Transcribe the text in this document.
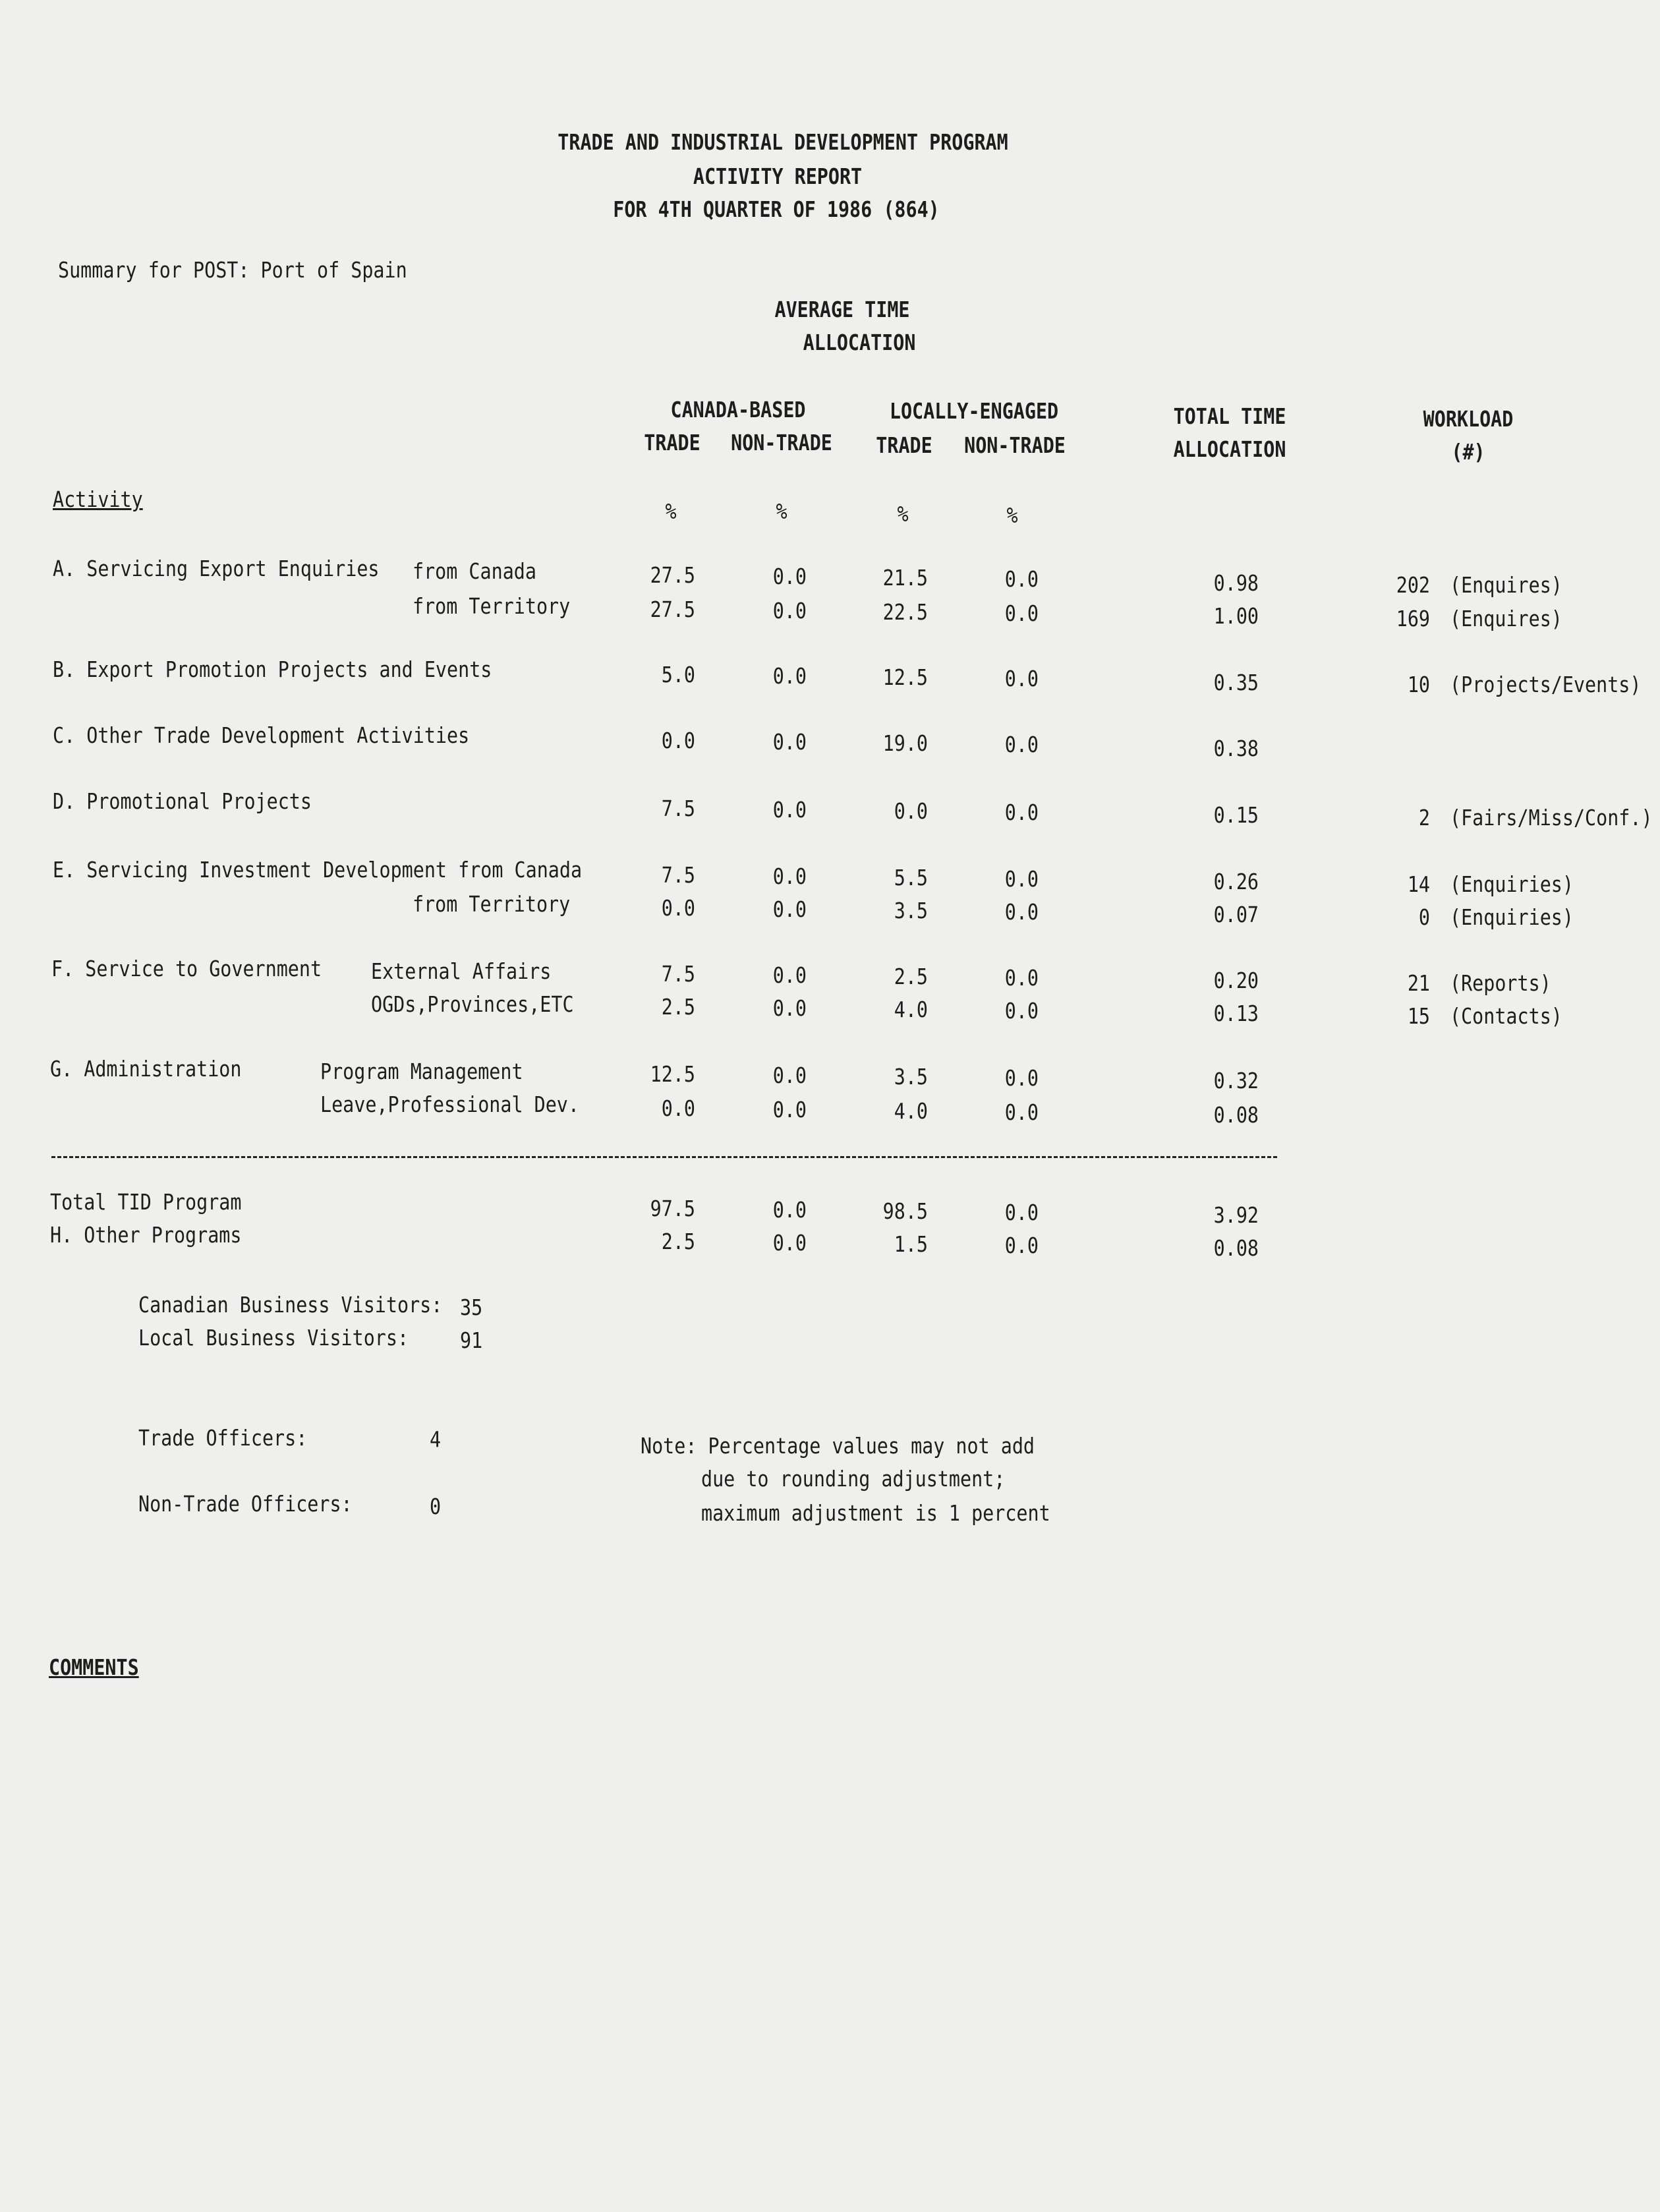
TRADE AND INDUSTRIAL DEVELOPMENT PROGRAM
ACTIVITY REPORT
FOR 4TH QUARTER OF 1986 (864)
Summary for POST: Port of Spain
AVERAGE TIME
ALLOCATION
CANADA-BASED	LOCALLY-ENGAGED
TRADE NON-TRADE TRADE NON-TRADE
TOTAL TIME
ALLOCATION
WORKLOAD
(#)
Activity	%	%	%	%
A. Servicing Export Enquiries from Canada	27.5	0.0	21.5	0.0	0.98	202 (Enquires)
from Territory	27.5	0.0	22.5	0.0	1.00	169 (Enquires)
B. Export Promotion Projects and Events	5.0	0.0	12.5	0.0	0.35	10 (Projects/Events)
C. Other Trade Development Activities	0.0	0.0	19.0	0.0	0.38
D. Promotional Projects	7.5	0.0	0.0	0.0	0.15	2 (Fairs/Miss/Conf.)
E. Servicing Investment Development from Canada	7.5	0.0	5.5	0.0	0.26	14 (Enquiries)
from Territory	0.0	0.0	3.5	0.0	0.07	0 (Enquiries)
F. Service to Government External Affairs	7.5	0.0	2.5	0.0	0.20	21 (Reports)
OGDs,Provinces,ETC	2.5	0.0	4.0	0.0	0.13	15 (Contacts)
G. Administration	Program Management	12.5	0.0	3.5	0.0	0.32
Leave,Professional Dev.	0.0	0.0	4.0	0.0	0.08
Total TID Program	97.5	0.0	98.5	0.0	3.92
H. Other Programs	2.5	0.0	1.5	0.0	0.08
Canadian Business Visitors: 35
Local Business Visitors: 91
Trade Officers:	4
Non-Trade Officers:	0
Note: Percentage values may not add
due to rounding adjustment;
maximum adjustment is 1 percent
COMMENTS
